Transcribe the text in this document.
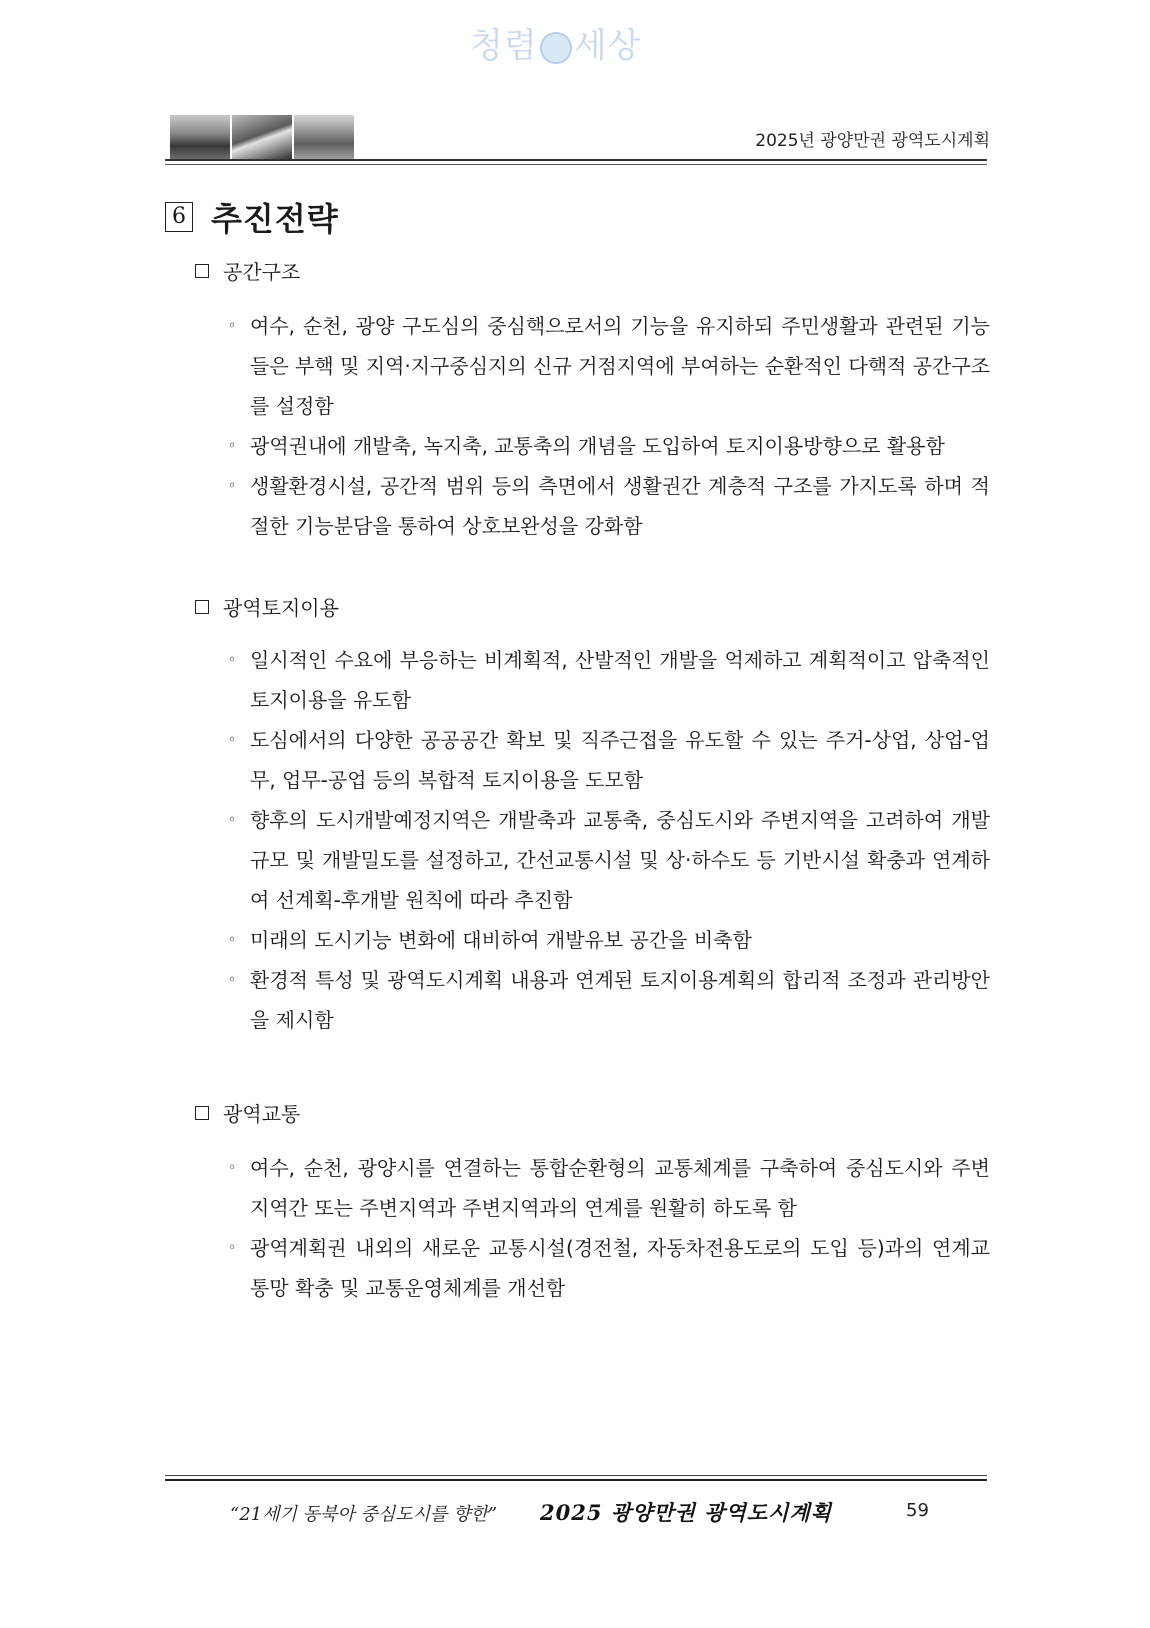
청렴 세상
2025년 광양만권 광역도시계획
6 추진전략
공간구조
◦ 여수, 순천, 광양 구도심의 중심핵으로서의 기능을 유지하되 주민생활과 관련된 기능들은 부핵 및 지역·지구중심지의 신규 거점지역에 부여하는 순환적인 다핵적 공간구조를 설정함
◦ 광역권내에 개발축, 녹지축, 교통축의 개념을 도입하여 토지이용방향으로 활용함
◦ 생활환경시설, 공간적 범위 등의 측면에서 생활권간 계층적 구조를 가지도록 하며 적절한 기능분담을 통하여 상호보완성을 강화함
광역토지이용
◦ 일시적인 수요에 부응하는 비계획적, 산발적인 개발을 억제하고 계획적이고 압축적인 토지이용을 유도함
◦ 도심에서의 다양한 공공공간 확보 및 직주근접을 유도할 수 있는 주거-상업, 상업-업무, 업무-공업 등의 복합적 토지이용을 도모함
◦ 향후의 도시개발예정지역은 개발축과 교통축, 중심도시와 주변지역을 고려하여 개발규모 및 개발밀도를 설정하고, 간선교통시설 및 상·하수도 등 기반시설 확충과 연계하여 선계획-후개발 원칙에 따라 추진함
◦ 미래의 도시기능 변화에 대비하여 개발유보 공간을 비축함
◦ 환경적 특성 및 광역도시계획 내용과 연계된 토지이용계획의 합리적 조정과 관리방안을 제시함
광역교통
◦ 여수, 순천, 광양시를 연결하는 통합순환형의 교통체계를 구축하여 중심도시와 주변 지역간 또는 주변지역과 주변지역과의 연계를 원활히 하도록 함
◦ 광역계획권 내외의 새로운 교통시설(경전철, 자동차전용도로의 도입 등)과의 연계교통망 확충 및 교통운영체계를 개선함
“21세기 동북아 중심도시를 향한” 2025 광양만권 광역도시계획	59
